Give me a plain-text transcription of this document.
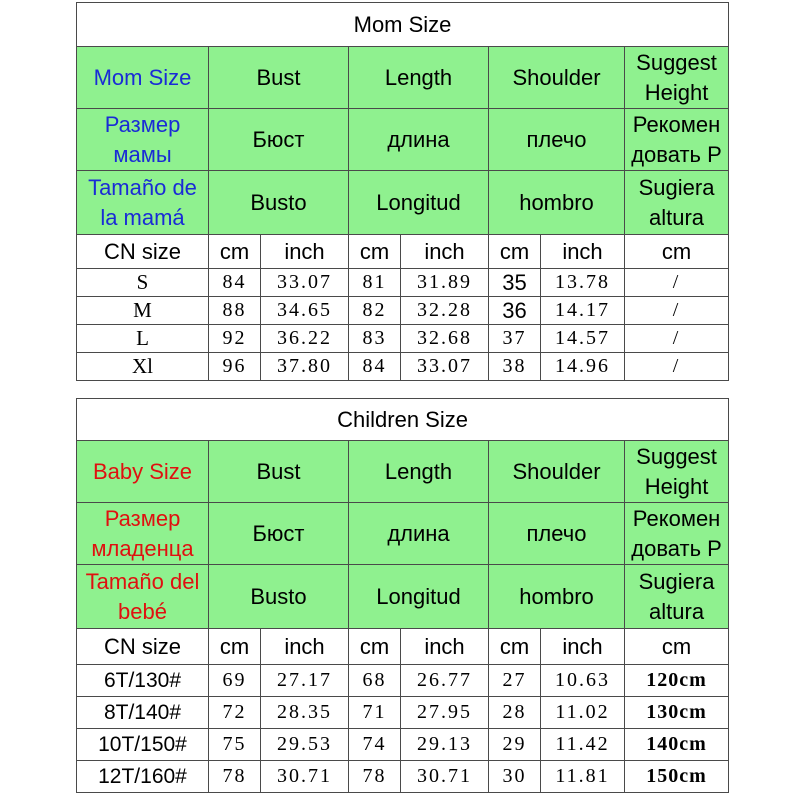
Mom Size							
Mom Size	Bust		Length		Shoulder		Suggest Height
Размер мамы	Бюст		длина		плечо		Рекомен довать Р
Tamaño de la mamá	Busto		Longitud		hombro		Sugiera altura
CN size	cm	inch	cm	inch	cm	inch	cm
S	84	33.07	81	31.89	35	13.78	/
M	88	34.65	82	32.28	36	14.17	/
L	92	36.22	83	32.68	37	14.57	/
Xl	96	37.80	84	33.07	38	14.96	/
Children Size							
Baby Size	Bust		Length		Shoulder		Suggest Height
Размер младенца	Бюст		длина		плечо		Рекомен довать Р
Tamaño del bebé	Busto		Longitud		hombro		Sugiera altura
CN size	cm	inch	cm	inch	cm	inch	cm
6T/130#	69	27.17	68	26.77	27	10.63	120cm
8T/140#	72	28.35	71	27.95	28	11.02	130cm
10T/150#	75	29.53	74	29.13	29	11.42	140cm
12T/160#	78	30.71	78	30.71	30	11.81	150cm
